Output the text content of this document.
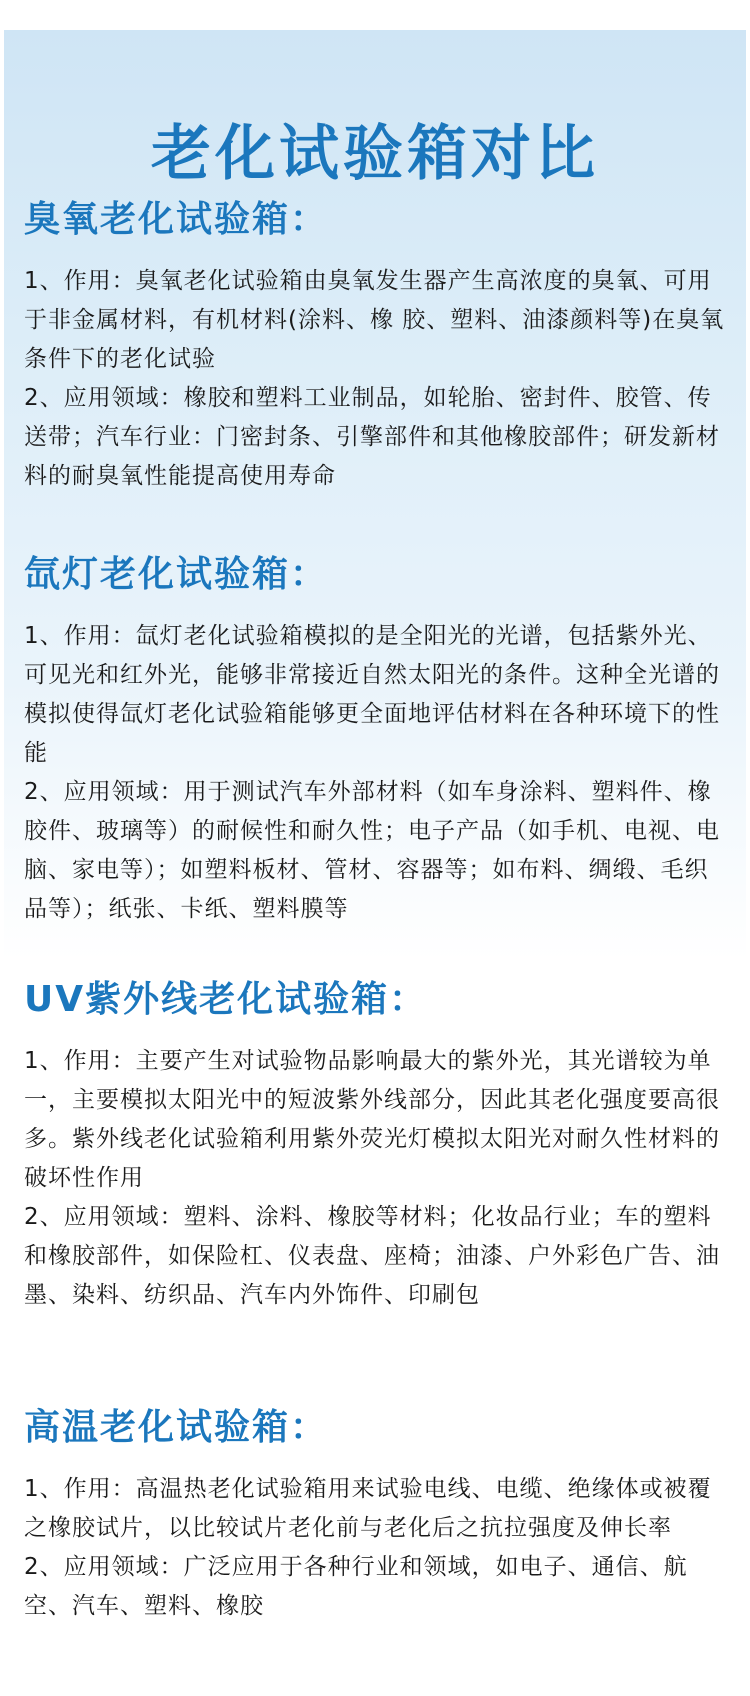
老化试验箱对比
臭氧老化试验箱：

1、作用：臭氧老化试验箱由臭氧发生器产生高浓度的臭氧、可用于非金属材料，有机材料(涂料、橡 胶、塑料、油漆颜料等)在臭氧条件下的老化试验

2、应用领域：橡胶和塑料工业制品，如轮胎、密封件、胶管、传送带；汽车行业：门密封条、引擎部件和其他橡胶部件；研发新材料的耐臭氧性能提高使用寿命

氙灯老化试验箱：

1、作用：氙灯老化试验箱模拟的是全阳光的光谱，包括紫外光、可见光和红外光，能够非常接近自然太阳光的条件。这种全光谱的模拟使得氙灯老化试验箱能够更全面地评估材料在各种环境下的性能

2、应用领域：用于测试汽车外部材料（如车身涂料、塑料件、橡胶件、玻璃等）的耐候性和耐久性；电子产品（如手机、电视、电脑、家电等）；如塑料板材、管材、容器等；如布料、绸缎、毛织品等）；纸张、卡纸、塑料膜等

UV紫外线老化试验箱：

1、作用：主要产生对试验物品影响最大的紫外光，其光谱较为单一，主要模拟太阳光中的短波紫外线部分，因此其老化强度要高很多。紫外线老化试验箱利用紫外荧光灯模拟太阳光对耐久性材料的破坏性作用

2、应用领域：塑料、涂料、橡胶等材料；化妆品行业；车的塑料和橡胶部件，如保险杠、仪表盘、座椅；油漆、户外彩色广告、油墨、染料、纺织品、汽车内外饰件、印刷包

高温老化试验箱：

1、作用：高温热老化试验箱用来试验电线、电缆、绝缘体或被覆之橡胶试片，以比较试片老化前与老化后之抗拉强度及伸长率

2、应用领域：广泛应用于各种行业和领域，如电子、通信、航空、汽车、塑料、橡胶
